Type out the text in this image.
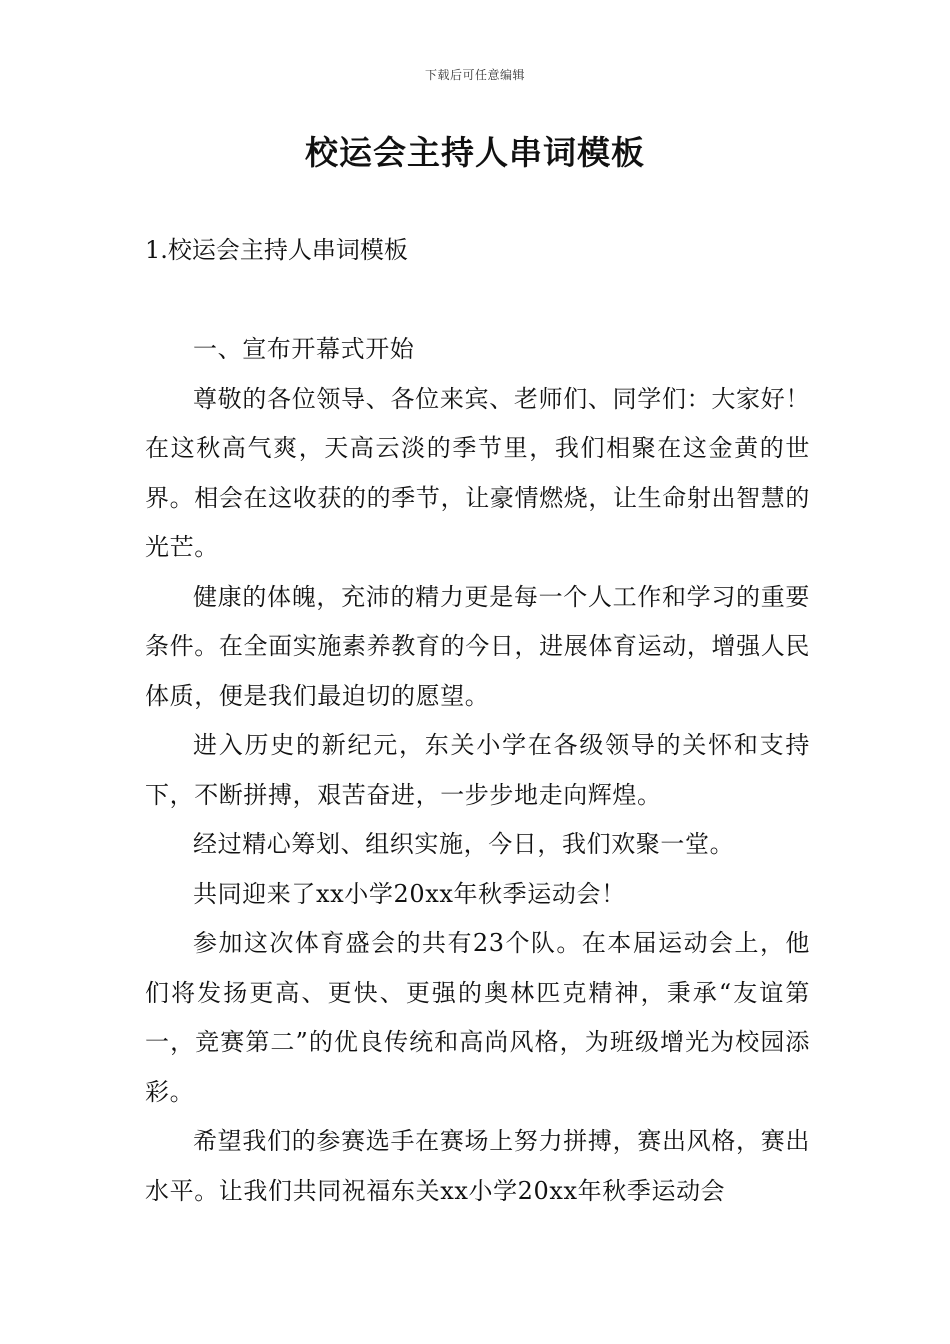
下载后可任意编辑
校运会主持人串词模板
1.校运会主持人串词模板

一、宣布开幕式开始

尊敬的各位领导、各位来宾、老师们、同学们：大家好！在这秋高气爽，天高云淡的季节里，我们相聚在这金黄的世界。相会在这收获的的季节，让豪情燃烧，让生命射出智慧的光芒。

健康的体魄，充沛的精力更是每一个人工作和学习的重要条件。在全面实施素养教育的今日，进展体育运动，增强人民体质，便是我们最迫切的愿望。

进入历史的新纪元，东关小学在各级领导的关怀和支持下，不断拼搏，艰苦奋进，一步步地走向辉煌。

经过精心筹划、组织实施，今日，我们欢聚一堂。

共同迎来了xx小学20xx年秋季运动会！

参加这次体育盛会的共有23个队。在本届运动会上，他们将发扬更高、更快、更强的奥林匹克精神，秉承“友谊第一，竞赛第二”的优良传统和高尚风格，为班级增光为校园添彩。

希望我们的参赛选手在赛场上努力拼搏，赛出风格，赛出水平。让我们共同祝福东关xx小学20xx年秋季运动会
